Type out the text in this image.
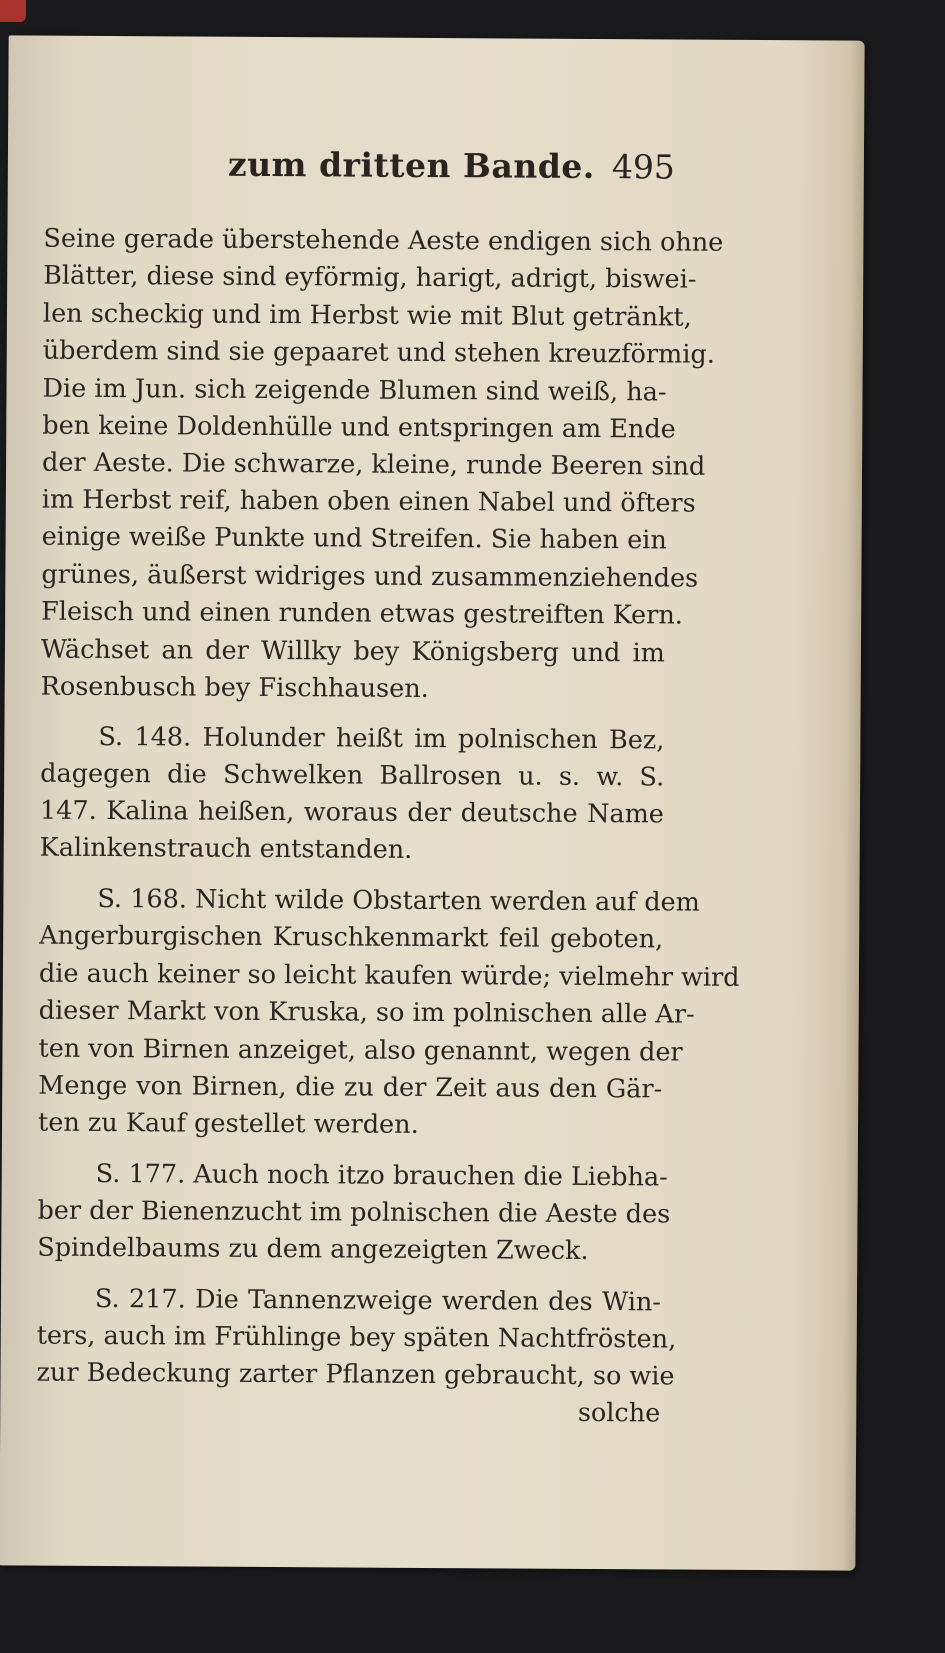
zum dritten Bande. 495
Seine gerade überstehende Aeste endigen sich ohne
Blätter, diese sind eyförmig, harigt, adrigt, biswei-
len scheckig und im Herbst wie mit Blut getränkt,
überdem sind sie gepaaret und stehen kreuzförmig.
Die im Jun. sich zeigende Blumen sind weiß, ha-
ben keine Doldenhülle und entspringen am Ende
der Aeste. Die schwarze, kleine, runde Beeren sind
im Herbst reif, haben oben einen Nabel und öfters
einige weiße Punkte und Streifen. Sie haben ein
grünes, äußerst widriges und zusammenziehendes
Fleisch und einen runden etwas gestreiften Kern.
Wächset an der Willky bey Königsberg und im
Rosenbusch bey Fischhausen.
S. 148. Holunder heißt im polnischen Bez,
dagegen die Schwelken Ballrosen u. s. w. S.
147. Kalina heißen, woraus der deutsche Name
Kalinkenstrauch entstanden.
S. 168. Nicht wilde Obstarten werden auf dem
Angerburgischen Kruschkenmarkt feil geboten,
die auch keiner so leicht kaufen würde; vielmehr wird
dieser Markt von Kruska, so im polnischen alle Ar-
ten von Birnen anzeiget, also genannt, wegen der
Menge von Birnen, die zu der Zeit aus den Gär-
ten zu Kauf gestellet werden.
S. 177. Auch noch itzo brauchen die Liebha-
ber der Bienenzucht im polnischen die Aeste des
Spindelbaums zu dem angezeigten Zweck.
S. 217. Die Tannenzweige werden des Win-
ters, auch im Frühlinge bey späten Nachtfrösten,
zur Bedeckung zarter Pflanzen gebraucht, so wie
solche
